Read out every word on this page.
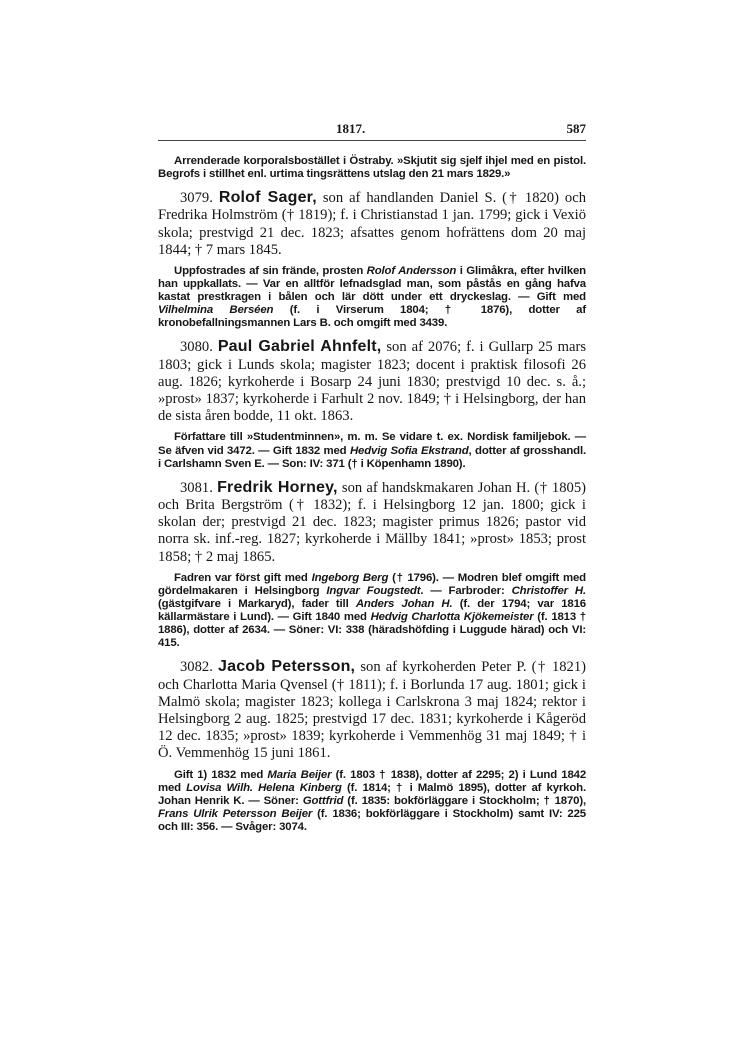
1817.	587
Arrenderade korporalsbostället i Östraby. »Skjutit sig sjelf ihjel med en pistol. Begrofs i stillhet enl. urtima tingsrättens utslag den 21 mars 1829.»
3079. Rolof Sager, son af handlanden Daniel S. († 1820) och Fredrika Holmström († 1819); f. i Christianstad 1 jan. 1799; gick i Vexiö skola; prestvigd 21 dec. 1823; afsattes genom hofrättens dom 20 maj 1844; † 7 mars 1845.
Uppfostrades af sin frände, prosten Rolof Andersson i Glimåkra, efter hvilken han uppkallats. — Var en alltför lefnadsglad man, som påstås en gång hafva kastat prestkragen i bålen och lär dött under ett dryckeslag. — Gift med Vilhelmina Berséen (f. i Virserum 1804; † 1876), dotter af kronobefallningsmannen Lars B. och omgift med 3439.
3080. Paul Gabriel Ahnfelt, son af 2076; f. i Gullarp 25 mars 1803; gick i Lunds skola; magister 1823; docent i praktisk filosofi 26 aug. 1826; kyrkoherde i Bosarp 24 juni 1830; prestvigd 10 dec. s. å.; »prost» 1837; kyrkoherde i Farhult 2 nov. 1849; † i Helsingborg, der han de sista åren bodde, 11 okt. 1863.
Författare till »Studentminnen», m. m. Se vidare t. ex. Nordisk familjebok. — Se äfven vid 3472. — Gift 1832 med Hedvig Sofia Ekstrand, dotter af grosshandl. i Carlshamn Sven E. — Son: IV: 371 († i Köpenhamn 1890).
3081. Fredrik Horney, son af handskmakaren Johan H. († 1805) och Brita Bergström († 1832); f. i Helsingborg 12 jan. 1800; gick i skolan der; prestvigd 21 dec. 1823; magister primus 1826; pastor vid norra sk. inf.-reg. 1827; kyrkoherde i Mällby 1841; »prost» 1853; prost 1858; † 2 maj 1865.
Fadren var först gift med Ingeborg Berg († 1796). — Modren blef omgift med gördelmakaren i Helsingborg Ingvar Fougstedt. — Farbroder: Christoffer H. (gästgifvare i Markaryd), fader till Anders Johan H. (f. der 1794; var 1816 källarmästare i Lund). — Gift 1840 med Hedvig Charlotta Kjökemeister (f. 1813 † 1886), dotter af 2634. — Söner: VI: 338 (häradshöfding i Luggude härad) och VI: 415.
3082. Jacob Petersson, son af kyrkoherden Peter P. († 1821) och Charlotta Maria Qvensel († 1811); f. i Borlunda 17 aug. 1801; gick i Malmö skola; magister 1823; kollega i Carlskrona 3 maj 1824; rektor i Helsingborg 2 aug. 1825; prestvigd 17 dec. 1831; kyrkoherde i Kågeröd 12 dec. 1835; »prost» 1839; kyrkoherde i Vemmenhög 31 maj 1849; † i Ö. Vemmenhög 15 juni 1861.
Gift 1) 1832 med Maria Beijer (f. 1803 † 1838), dotter af 2295; 2) i Lund 1842 med Lovisa Wilh. Helena Kinberg (f. 1814; † i Malmö 1895), dotter af kyrkoh. Johan Henrik K. — Söner: Gottfrid (f. 1835: bokförläggare i Stockholm; † 1870), Frans Ulrik Petersson Beijer (f. 1836; bokförläggare i Stockholm) samt IV: 225 och III: 356. — Svåger: 3074.
